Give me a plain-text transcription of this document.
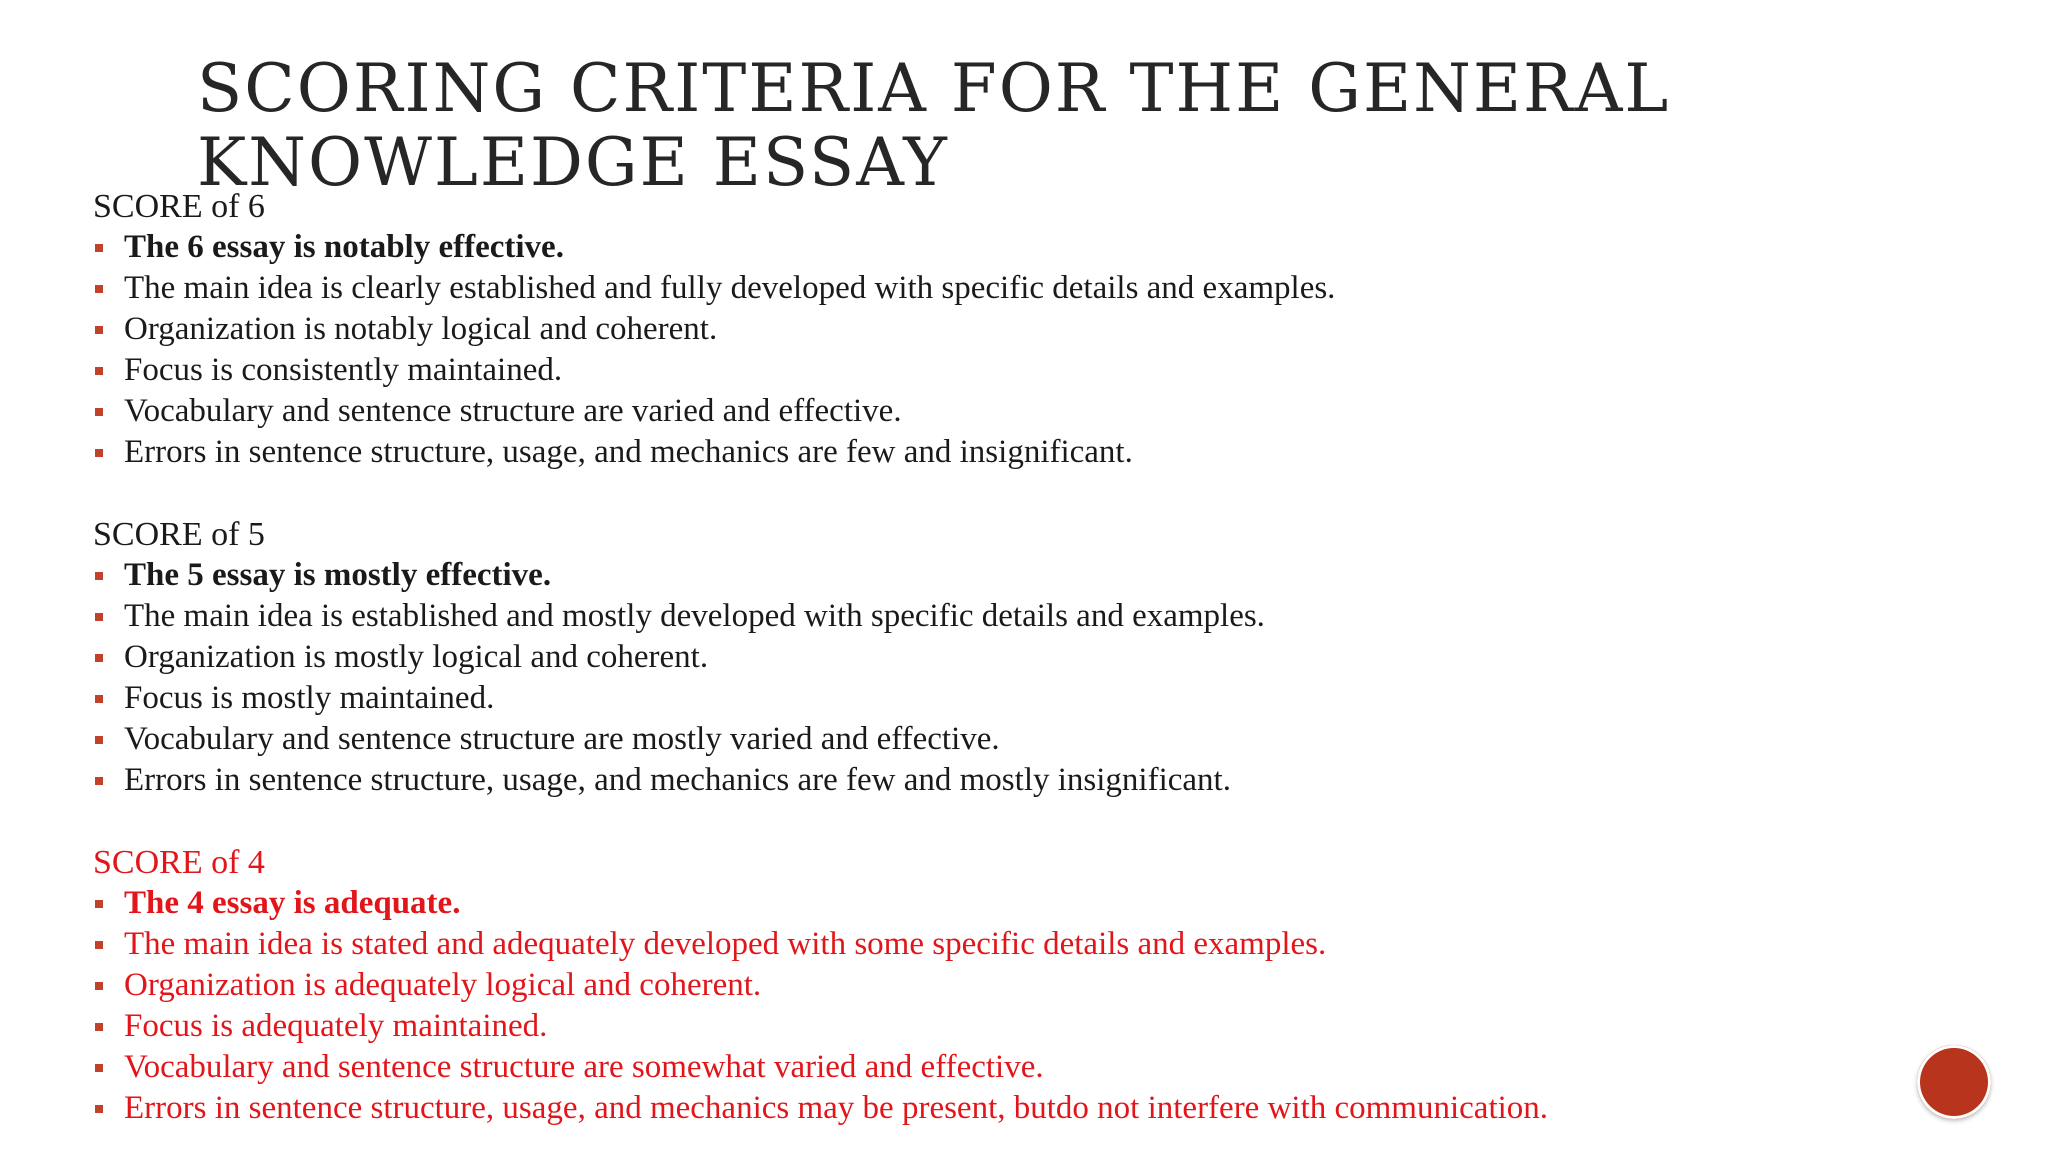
SCORING CRITERIA FOR THE GENERAL KNOWLEDGE ESSAY

SCORE of 6

The 6 essay is notably effective.
The main idea is clearly established and fully developed with specific details and examples.
Organization is notably logical and coherent.
Focus is consistently maintained.
Vocabulary and sentence structure are varied and effective.
Errors in sentence structure, usage, and mechanics are few and insignificant.

SCORE of 5

The 5 essay is mostly effective.
The main idea is established and mostly developed with specific details and examples.
Organization is mostly logical and coherent.
Focus is mostly maintained.
Vocabulary and sentence structure are mostly varied and effective.
Errors in sentence structure, usage, and mechanics are few and mostly insignificant.

SCORE of 4

The 4 essay is adequate.
The main idea is stated and adequately developed with some specific details and examples.
Organization is adequately logical and coherent.
Focus is adequately maintained.
Vocabulary and sentence structure are somewhat varied and effective.
Errors in sentence structure, usage, and mechanics may be present, butdo not interfere with communication.
